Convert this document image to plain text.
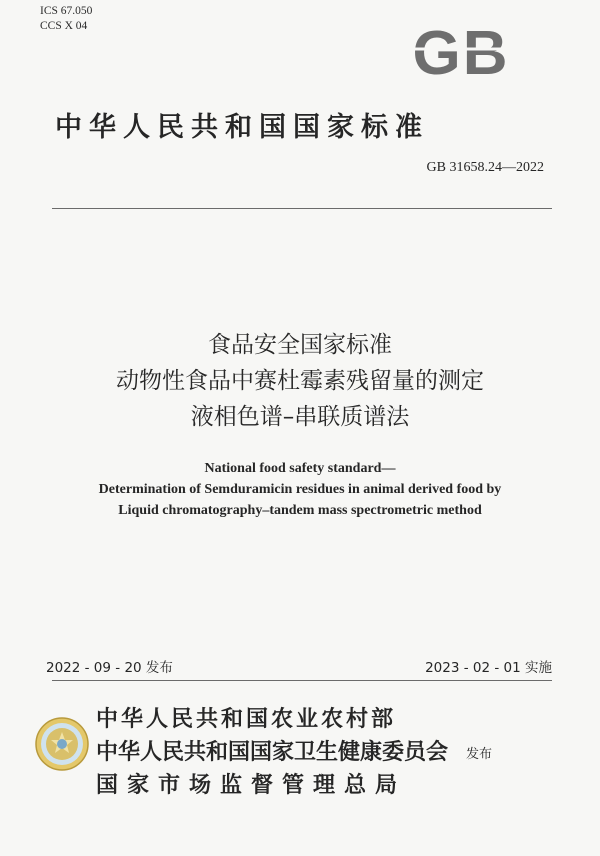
ICS 67.050
CCS X 04	GB
中华人民共和国国家标准
GB 31658.24—2022
食品安全国家标准
动物性食品中赛杜霉素残留量的测定
液相色谱–串联质谱法
National food safety standard—
Determination of Semduramicin residues in animal derived food by
Liquid chromatography–tandem mass spectrometric method
2022 - 09 - 20 发布	2023 - 02 - 01 实施
中华人民共和国农业农村部
中华人民共和国国家卫生健康委员会
国家市场监督管理总局
发布
